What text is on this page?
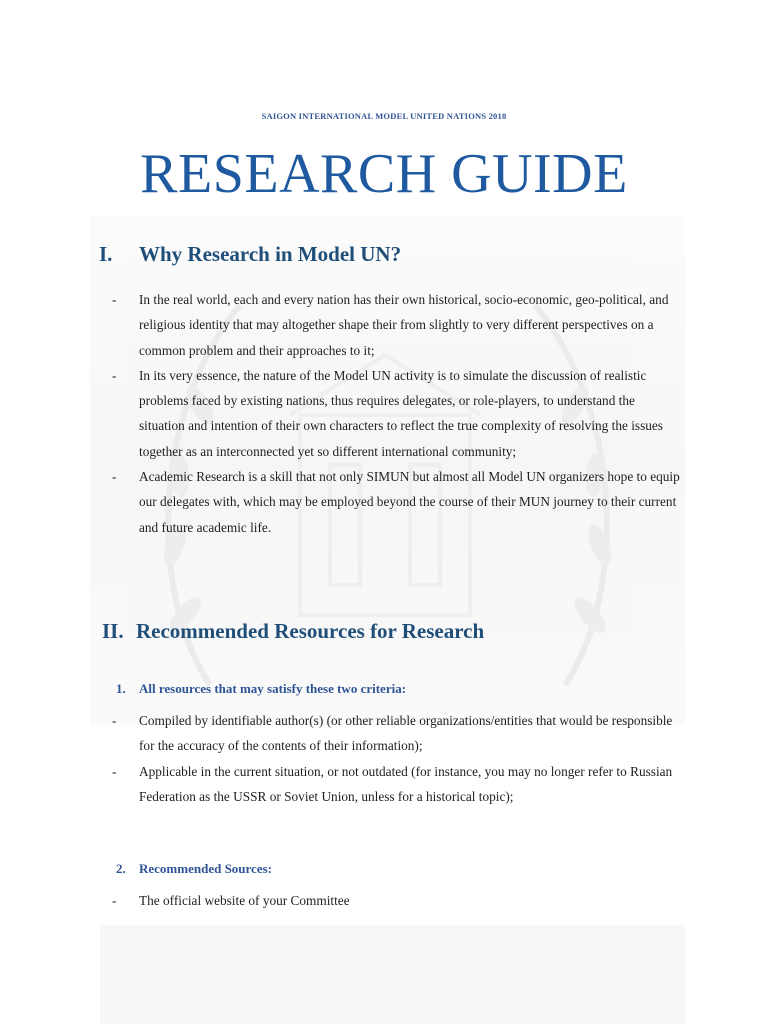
SAIGON INTERNATIONAL MODEL UNITED NATIONS 2018
RESEARCH GUIDE
I. Why Research in Model UN?
-	In the real world, each and every nation has their own historical, socio-economic, geo-political, and religious identity that may altogether shape their from slightly to very different perspectives on a common problem and their approaches to it;
-	In its very essence, the nature of the Model UN activity is to simulate the discussion of realistic problems faced by existing nations, thus requires delegates, or role-players, to understand the situation and intention of their own characters to reflect the true complexity of resolving the issues together as an interconnected yet so different international community;
-	Academic Research is a skill that not only SIMUN but almost all Model UN organizers hope to equip our delegates with, which may be employed beyond the course of their MUN journey to their current and future academic life.
II. Recommended Resources for Research
1. All resources that may satisfy these two criteria:
-	Compiled by identifiable author(s) (or other reliable organizations/entities that would be responsible for the accuracy of the contents of their information);
-	Applicable in the current situation, or not outdated (for instance, you may no longer refer to Russian Federation as the USSR or Soviet Union, unless for a historical topic);
2. Recommended Sources:
-	The official website of your Committee
